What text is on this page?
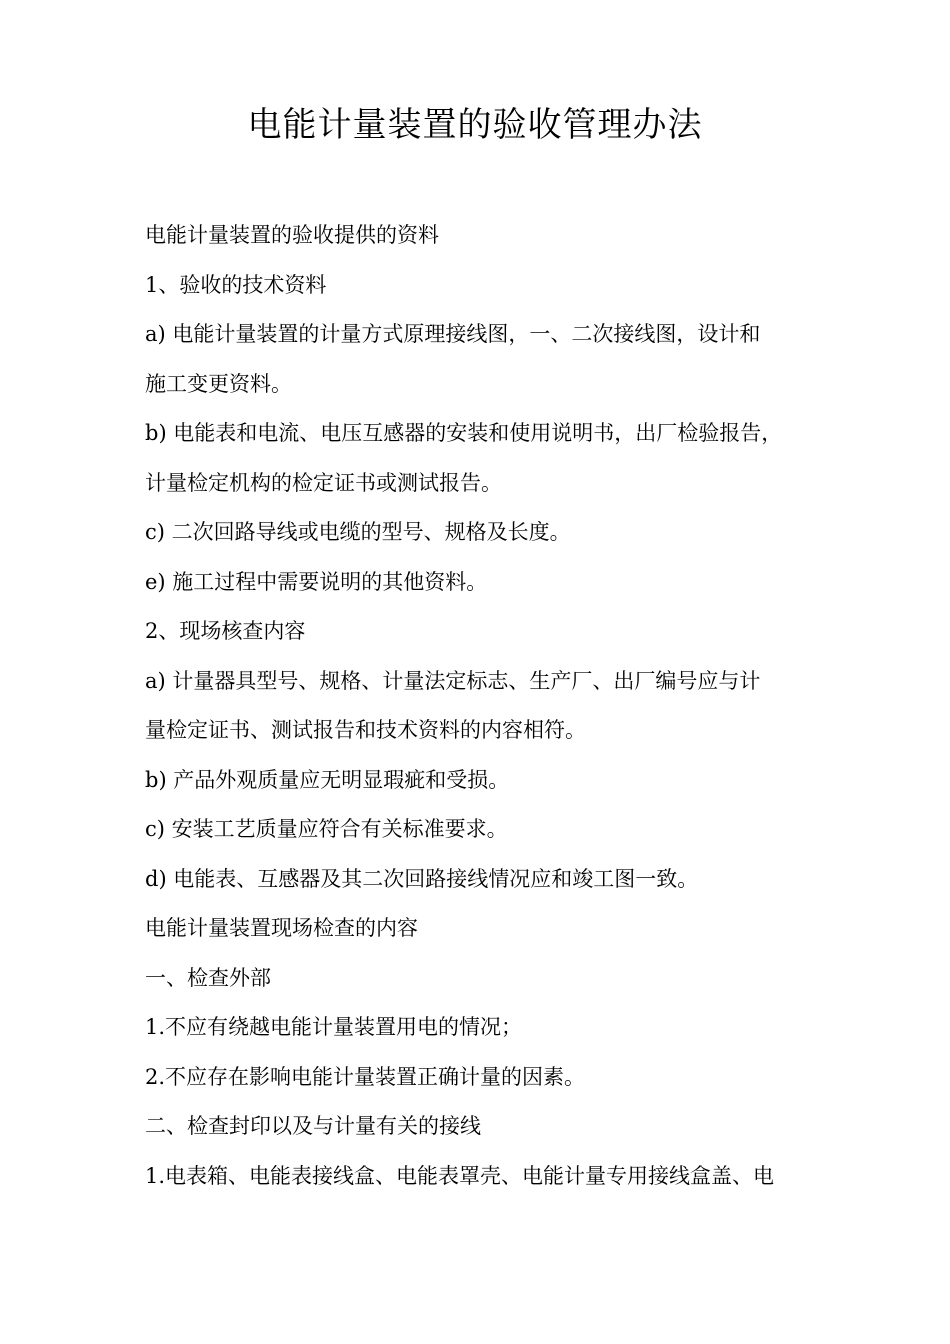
电能计量装置的验收管理办法

电能计量装置的验收提供的资料

1、验收的技术资料

a) 电能计量装置的计量方式原理接线图，一、二次接线图，设计和

施工变更资料。

b) 电能表和电流、电压互感器的安装和使用说明书，出厂检验报告，

计量检定机构的检定证书或测试报告。

c) 二次回路导线或电缆的型号、规格及长度。

e) 施工过程中需要说明的其他资料。

2、现场核查内容

a) 计量器具型号、规格、计量法定标志、生产厂、出厂编号应与计

量检定证书、测试报告和技术资料的内容相符。

b) 产品外观质量应无明显瑕疵和受损。

c) 安装工艺质量应符合有关标准要求。

d) 电能表、互感器及其二次回路接线情况应和竣工图一致。

电能计量装置现场检查的内容

一、检查外部

1.不应有绕越电能计量装置用电的情况；

2.不应存在影响电能计量装置正确计量的因素。

二、检查封印以及与计量有关的接线

1.电表箱、电能表接线盒、电能表罩壳、电能计量专用接线盒盖、电
